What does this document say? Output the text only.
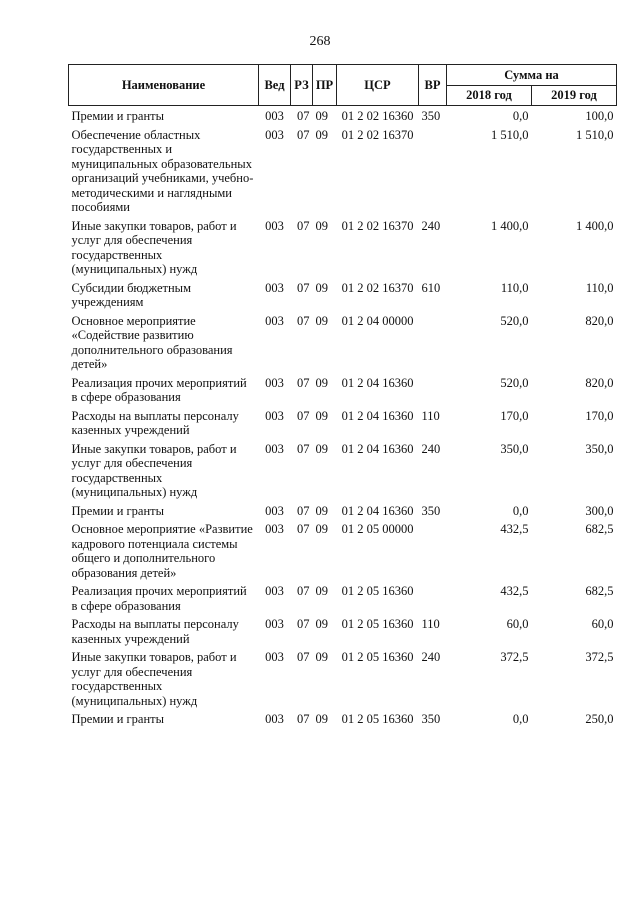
268
Наименование	Вед	РЗ	ПР	ЦСР	ВР	Сумма на	
						2018 год	2019 год
Премии и гранты	003	07	09	01 2 02 16360	350	0,0	100,0
Обеспечение областных государственных и муниципальных образовательных организаций учебниками, учебно-методическими и наглядными пособиями	003	07	09	01 2 02 16370		1 510,0	1 510,0
Иные закупки товаров, работ и услуг для обеспечения государственных (муниципальных) нужд	003	07	09	01 2 02 16370	240	1 400,0	1 400,0
Субсидии бюджетным учреждениям	003	07	09	01 2 02 16370	610	110,0	110,0
Основное мероприятие «Содействие развитию дополнительного образования детей»	003	07	09	01 2 04 00000		520,0	820,0
Реализация прочих мероприятий в сфере образования	003	07	09	01 2 04 16360		520,0	820,0
Расходы на выплаты персоналу казенных учреждений	003	07	09	01 2 04 16360	110	170,0	170,0
Иные закупки товаров, работ и услуг для обеспечения государственных (муниципальных) нужд	003	07	09	01 2 04 16360	240	350,0	350,0
Премии и гранты	003	07	09	01 2 04 16360	350	0,0	300,0
Основное мероприятие «Развитие кадрового потенциала системы общего и дополнительного образования детей»	003	07	09	01 2 05 00000		432,5	682,5
Реализация прочих мероприятий в сфере образования	003	07	09	01 2 05 16360		432,5	682,5
Расходы на выплаты персоналу казенных учреждений	003	07	09	01 2 05 16360	110	60,0	60,0
Иные закупки товаров, работ и услуг для обеспечения государственных (муниципальных) нужд	003	07	09	01 2 05 16360	240	372,5	372,5
Премии и гранты	003	07	09	01 2 05 16360	350	0,0	250,0
